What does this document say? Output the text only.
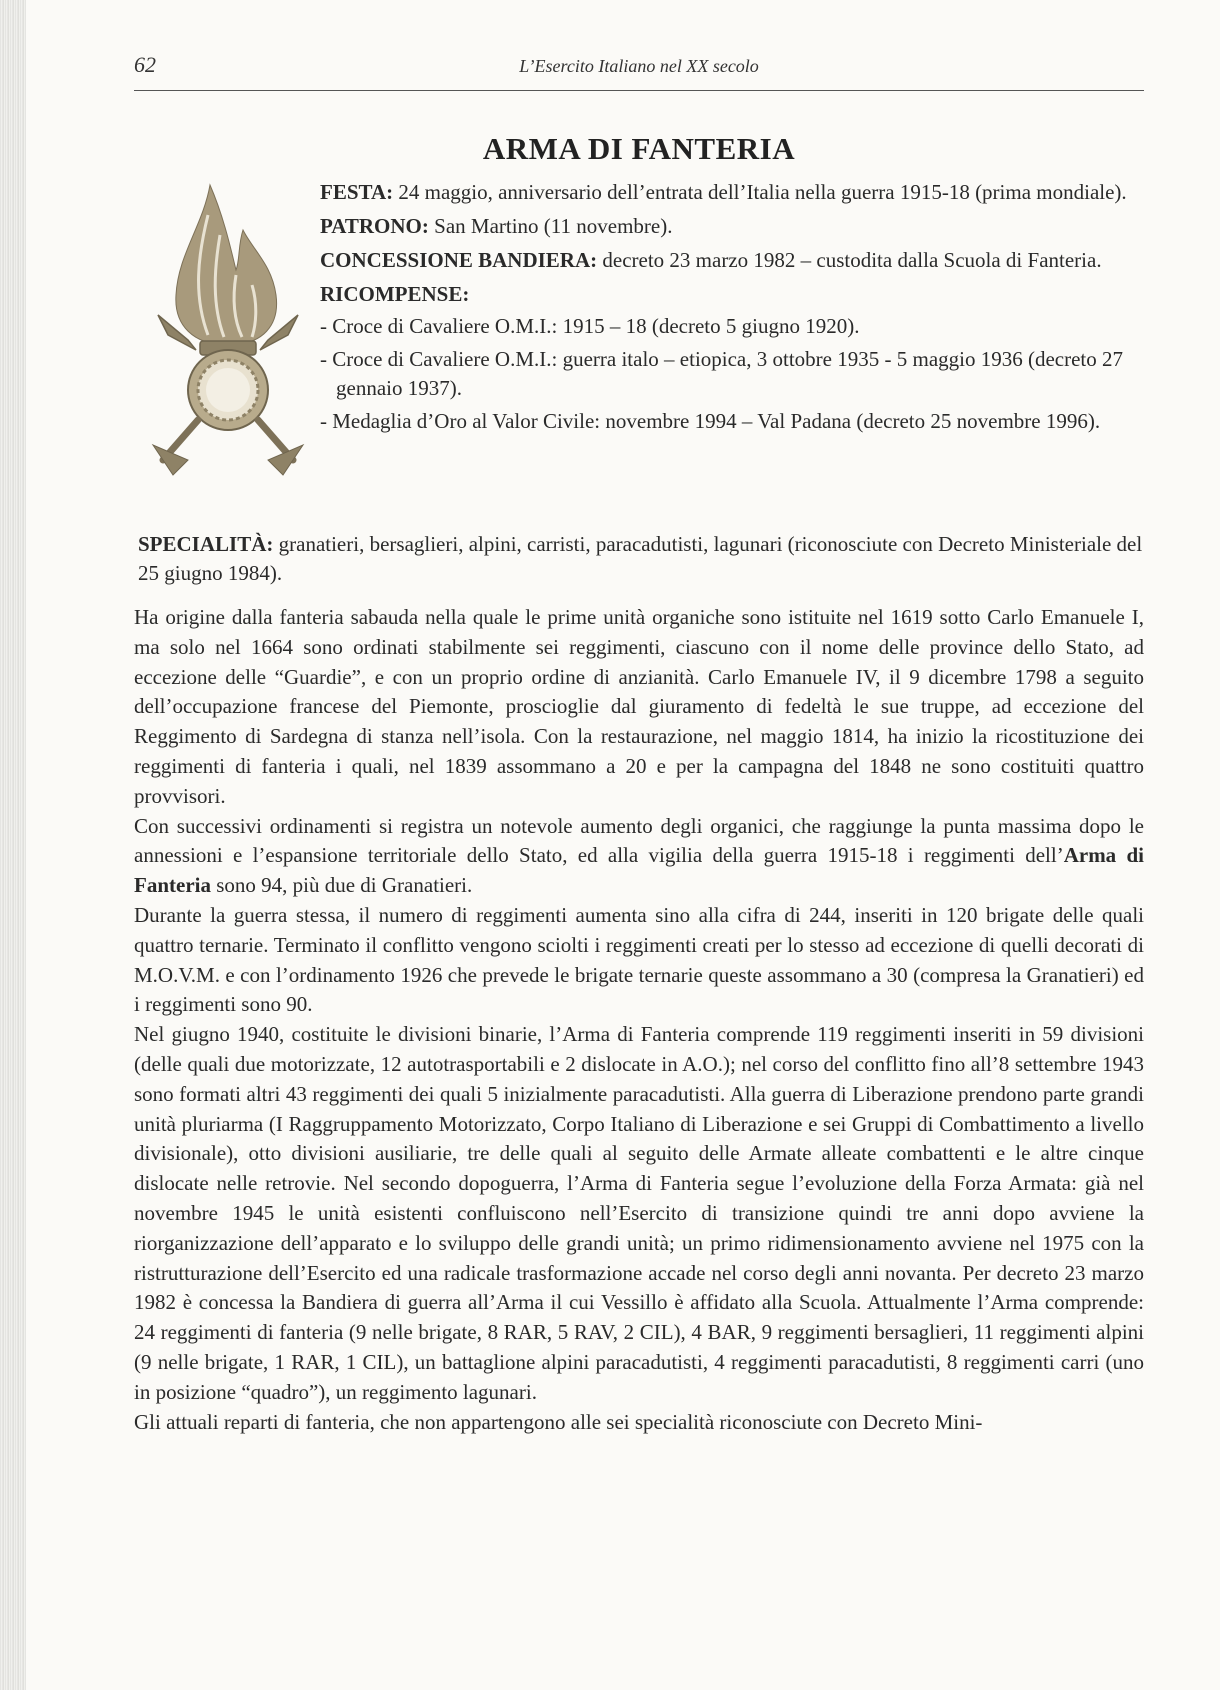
62	L’Esercito Italiano nel XX secolo
ARMA DI FANTERIA

FESTA: 24 maggio, anniversario dell’entrata dell’Italia nella guerra 1915-18 (prima mondiale).

PATRONO: San Martino (11 novembre).

CONCESSIONE BANDIERA: decreto 23 marzo 1982 – custodita dalla Scuola di Fanteria.

RICOMPENSE:

- Croce di Cavaliere O.M.I.: 1915 – 18 (decreto 5 giugno 1920).
- Croce di Cavaliere O.M.I.: guerra italo – etiopica, 3 ottobre 1935 - 5 maggio 1936 (decreto 27 gennaio 1937).
- Medaglia d’Oro al Valor Civile: novembre 1994 – Val Padana (decreto 25 novembre 1996).

SPECIALITÀ: granatieri, bersaglieri, alpini, carristi, paracadutisti, lagunari (riconosciute con Decreto Ministeriale del 25 giugno 1984).

Ha origine dalla fanteria sabauda nella quale le prime unità organiche sono istituite nel 1619 sotto Carlo Emanuele I, ma solo nel 1664 sono ordinati stabilmente sei reggimenti, ciascuno con il nome delle province dello Stato, ad eccezione delle “Guardie”, e con un proprio ordine di anzianità. Carlo Emanuele IV, il 9 dicembre 1798 a seguito dell’occupazione francese del Piemonte, proscioglie dal giuramento di fedeltà le sue truppe, ad eccezione del Reggimento di Sardegna di stanza nell’isola. Con la restaurazione, nel maggio 1814, ha inizio la ricostituzione dei reggimenti di fanteria i quali, nel 1839 assommano a 20 e per la campagna del 1848 ne sono costituiti quattro provvisori.

Con successivi ordinamenti si registra un notevole aumento degli organici, che raggiunge la punta massima dopo le annessioni e l’espansione territoriale dello Stato, ed alla vigilia della guerra 1915-18 i reggimenti dell’Arma di Fanteria sono 94, più due di Granatieri.

Durante la guerra stessa, il numero di reggimenti aumenta sino alla cifra di 244, inseriti in 120 brigate delle quali quattro ternarie. Terminato il conflitto vengono sciolti i reggimenti creati per lo stesso ad eccezione di quelli decorati di M.O.V.M. e con l’ordinamento 1926 che prevede le brigate ternarie queste assommano a 30 (compresa la Granatieri) ed i reggimenti sono 90.

Nel giugno 1940, costituite le divisioni binarie, l’Arma di Fanteria comprende 119 reggimenti inseriti in 59 divisioni (delle quali due motorizzate, 12 autotrasportabili e 2 dislocate in A.O.); nel corso del conflitto fino all’8 settembre 1943 sono formati altri 43 reggimenti dei quali 5 inizialmente paracadutisti. Alla guerra di Liberazione prendono parte grandi unità pluriarma (I Raggruppamento Motorizzato, Corpo Italiano di Liberazione e sei Gruppi di Combattimento a livello divisionale), otto divisioni ausiliarie, tre delle quali al seguito delle Armate alleate combattenti e le altre cinque dislocate nelle retrovie. Nel secondo dopoguerra, l’Arma di Fanteria segue l’evoluzione della Forza Armata: già nel novembre 1945 le unità esistenti confluiscono nell’Esercito di transizione quindi tre anni dopo avviene la riorganizzazione dell’apparato e lo sviluppo delle grandi unità; un primo ridimensionamento avviene nel 1975 con la ristrutturazione dell’Esercito ed una radicale trasformazione accade nel corso degli anni novanta. Per decreto 23 marzo 1982 è concessa la Bandiera di guerra all’Arma il cui Vessillo è affidato alla Scuola. Attualmente l’Arma comprende: 24 reggimenti di fanteria (9 nelle brigate, 8 RAR, 5 RAV, 2 CIL), 4 BAR, 9 reggimenti bersaglieri, 11 reggimenti alpini (9 nelle brigate, 1 RAR, 1 CIL), un battaglione alpini paracadutisti, 4 reggimenti paracadutisti, 8 reggimenti carri (uno in posizione “quadro”), un reggimento lagunari.

Gli attuali reparti di fanteria, che non appartengono alle sei specialità riconosciute con Decreto Mini-
